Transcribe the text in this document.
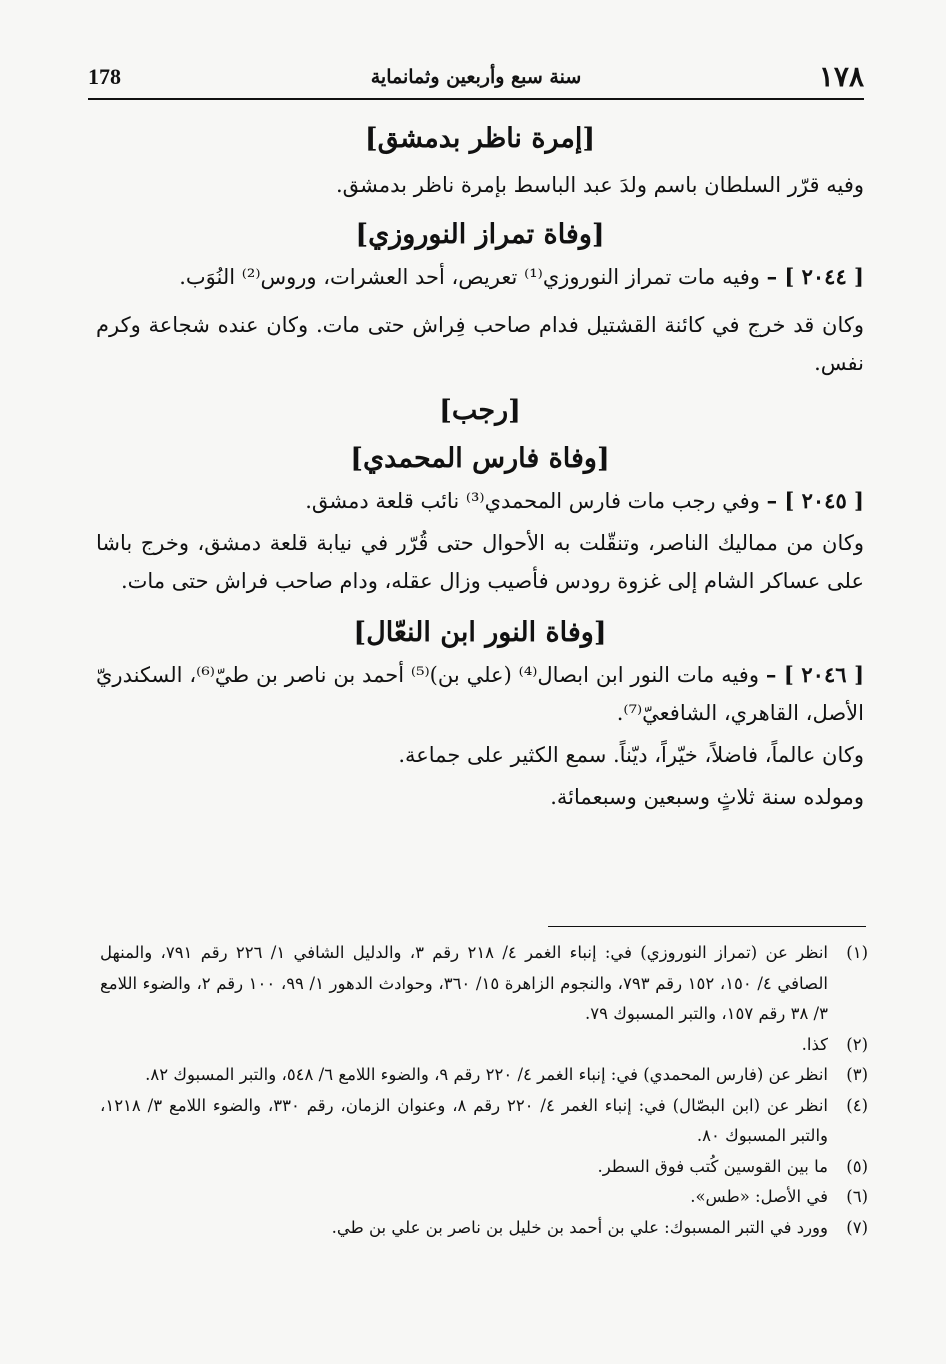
١٧٨
سنة سبع وأربعين وثمانماية
178
[إمرة ناظر بدمشق]

وفيه قرّر السلطان باسم ولدَ عبد الباسط بإمرة ناظر بدمشق.

[وفاة تمراز النوروزي]

[ ٢٠٤٤ ] – وفيه مات تمراز النوروزي⁽¹⁾ تعريص، أحد العشرات، وروس⁽²⁾ النُوَب.

وكان قد خرج في كائنة القشتيل فدام صاحب فِراش حتى مات. وكان عنده شجاعة وكرم نفس.

[رجب]
[وفاة فارس المحمدي]

[ ٢٠٤٥ ] – وفي رجب مات فارس المحمدي⁽³⁾ نائب قلعة دمشق.

وكان من مماليك الناصر، وتنقّلت به الأحوال حتى قُرّر في نيابة قلعة دمشق، وخرج باشا على عساكر الشام إلى غزوة رودس فأصيب وزال عقله، ودام صاحب فراش حتى مات.

[وفاة النور ابن النعّال]

[ ٢٠٤٦ ] – وفيه مات النور ابن ابصال⁽⁴⁾ (علي بن)⁽⁵⁾ أحمد بن ناصر بن طيّ⁽⁶⁾، السكندريّ الأصل، القاهري، الشافعيّ⁽⁷⁾.

وكان عالماً، فاضلاً، خيّراً، ديّناً. سمع الكثير على جماعة.

ومولده سنة ثلاثٍ وسبعين وسبعمائة.

(١)
انظر عن (تمراز النوروزي) في: إنباء الغمر ٤/ ٢١٨ رقم ٣، والدليل الشافي ١/ ٢٢٦ رقم ٧٩١، والمنهل الصافي ٤/ ١٥٠، ١٥٢ رقم ٧٩٣، والنجوم الزاهرة ١٥/ ٣٦٠، وحوادث الدهور ١/ ٩٩، ١٠٠ رقم ٢، والضوء اللامع ٣/ ٣٨ رقم ١٥٧، والتبر المسبوك ٧٩.
(٢)
كذا.
(٣)
انظر عن (فارس المحمدي) في: إنباء الغمر ٤/ ٢٢٠ رقم ٩، والضوء اللامع ٦/ ٥٤٨، والتبر المسبوك ٨٢.
(٤)
انظر عن (ابن البصّال) في: إنباء الغمر ٤/ ٢٢٠ رقم ٨، وعنوان الزمان، رقم ٣٣٠، والضوء اللامع ٣/ ١٢١٨، والتبر المسبوك ٨٠.
(٥)
ما بين القوسين كُتب فوق السطر.
(٦)
في الأصل: «طس».
(٧)
وورد في التبر المسبوك: علي بن أحمد بن خليل بن ناصر بن علي بن طي.
